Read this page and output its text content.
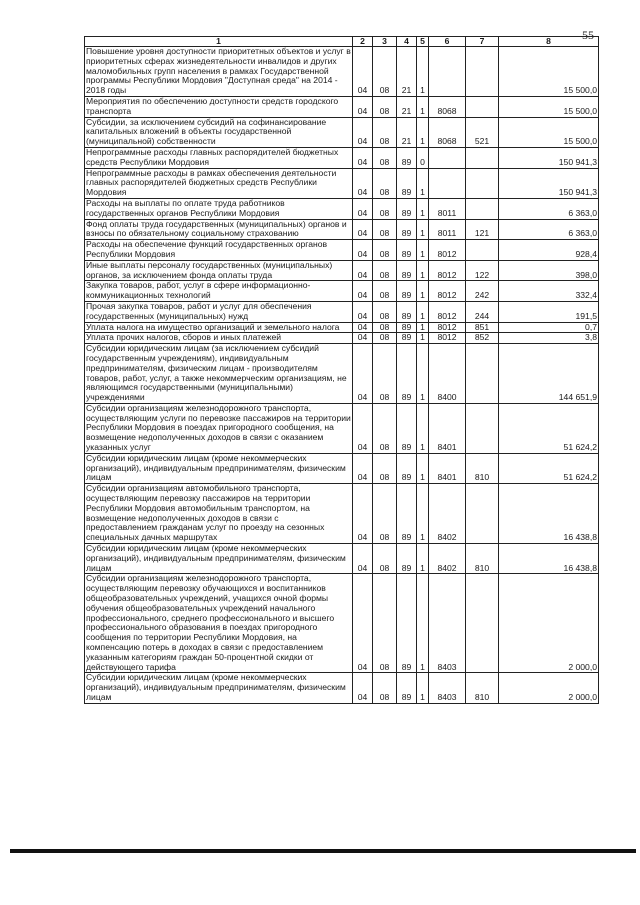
55
1	2	3	4	5	6	7	8
Повышение уровня доступности приоритетных объектов и услуг в приоритетных сферах жизнедеятельности инвалидов и других маломобильных групп населения в рамках Государственной программы Республики Мордовия "Доступная среда" на 2014 - 2018 годы	04	08	21	1			15 500,0
Мероприятия по обеспечению доступности средств городского транспорта	04	08	21	1	8068		15 500,0
Субсидии, за исключением субсидий на софинансирование капитальных вложений в объекты государственной (муниципальной) собственности	04	08	21	1	8068	521	15 500,0
Непрограммные расходы главных распорядителей бюджетных средств Республики Мордовия	04	08	89	0			150 941,3
Непрограммные расходы в рамках обеспечения деятельности главных распорядителей бюджетных средств Республики Мордовия	04	08	89	1			150 941,3
Расходы на выплаты по оплате труда работников государственных органов Республики Мордовия	04	08	89	1	8011		6 363,0
Фонд оплаты труда государственных (муниципальных) органов и взносы по обязательному социальному страхованию	04	08	89	1	8011	121	6 363,0
Расходы на обеспечение функций государственных органов Республики Мордовия	04	08	89	1	8012		928,4
Иные выплаты персоналу государственных (муниципальных) органов, за исключением фонда оплаты труда	04	08	89	1	8012	122	398,0
Закупка товаров, работ, услуг в сфере информационно-коммуникационных технологий	04	08	89	1	8012	242	332,4
Прочая закупка товаров, работ и услуг для обеспечения государственных (муниципальных) нужд	04	08	89	1	8012	244	191,5
Уплата налога на имущество организаций и земельного налога	04	08	89	1	8012	851	0,7
Уплата прочих налогов, сборов и иных платежей	04	08	89	1	8012	852	3,8
Субсидии юридическим лицам (за исключением субсидий государственным учреждениям), индивидуальным предпринимателям, физическим лицам - производителям товаров, работ, услуг, а также некоммерческим организациям, не являющимся государственными (муниципальными) учреждениями	04	08	89	1	8400		144 651,9
Субсидии организациям железнодорожного транспорта, осуществляющим услуги по перевозке пассажиров на территории Республики Мордовия в поездах пригородного сообщения, на возмещение недополученных доходов в связи с оказанием указанных услуг	04	08	89	1	8401		51 624,2
Субсидии юридическим лицам (кроме некоммерческих организаций), индивидуальным предпринимателям, физическим лицам	04	08	89	1	8401	810	51 624,2
Субсидии организациям автомобильного транспорта, осуществляющим перевозку пассажиров на территории Республики Мордовия автомобильным транспортом, на возмещение недополученных доходов в связи с предоставлением гражданам услуг по проезду на сезонных специальных дачных маршрутах	04	08	89	1	8402		16 438,8
Субсидии юридическим лицам (кроме некоммерческих организаций), индивидуальным предпринимателям, физическим лицам	04	08	89	1	8402	810	16 438,8
Субсидии организациям железнодорожного транспорта, осуществляющим перевозку обучающихся и воспитанников общеобразовательных учреждений, учащихся очной формы обучения общеобразовательных учреждений начального профессионального, среднего профессионального и высшего профессионального образования в поездах пригородного сообщения по территории Республики Мордовия, на компенсацию потерь в доходах в связи с предоставлением указанным категориям граждан 50-процентной скидки от действующего тарифа	04	08	89	1	8403		2 000,0
Субсидии юридическим лицам (кроме некоммерческих организаций), индивидуальным предпринимателям, физическим лицам	04	08	89	1	8403	810	2 000,0
